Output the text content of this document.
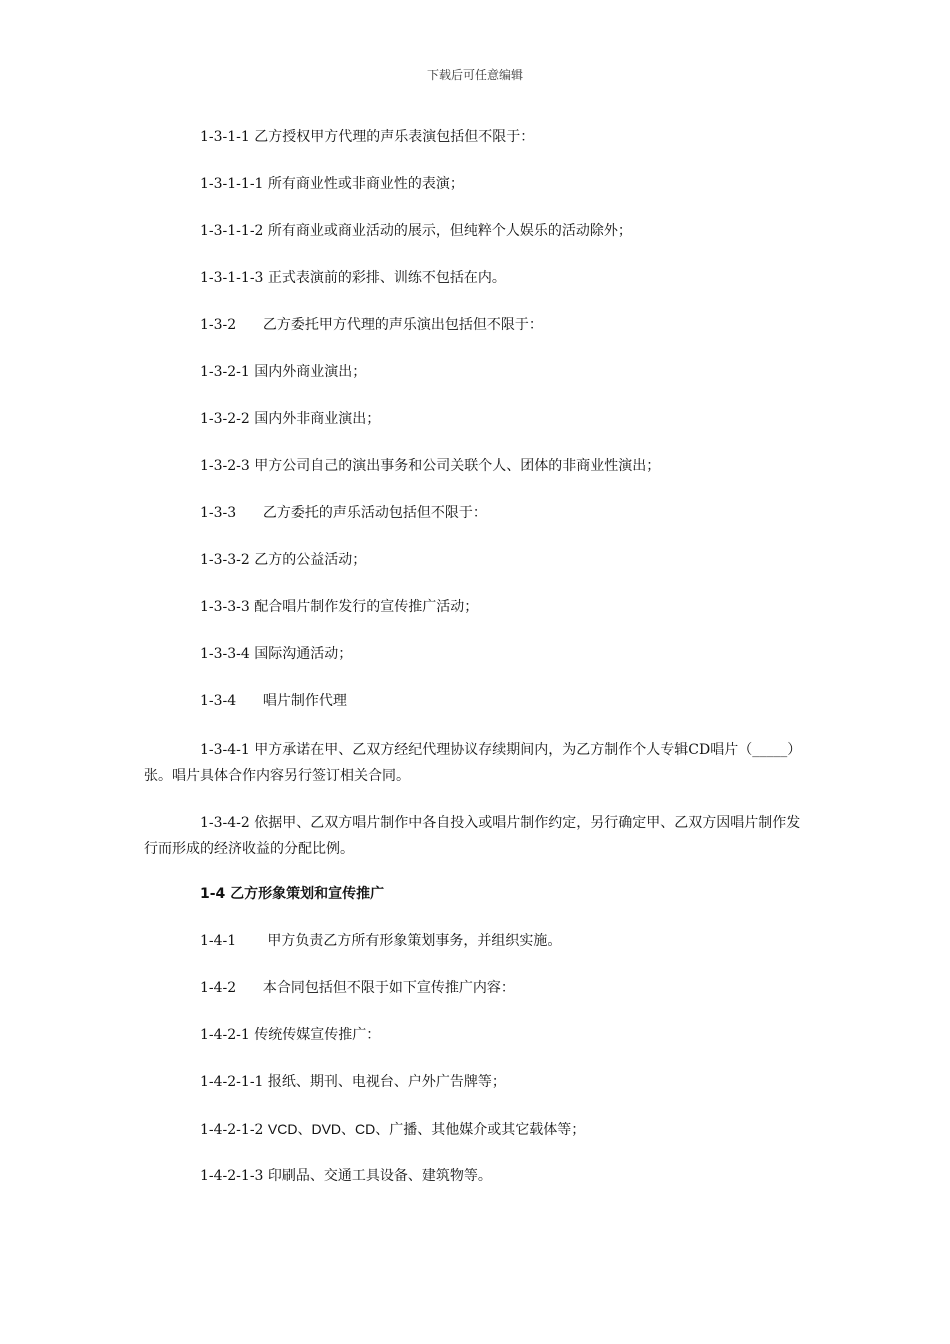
下载后可任意编辑

1-3-1-1 乙方授权甲方代理的声乐表演包括但不限于：

1-3-1-1-1 所有商业性或非商业性的表演；

1-3-1-1-2 所有商业或商业活动的展示，但纯粹个人娱乐的活动除外；

1-3-1-1-3 正式表演前的彩排、训练不包括在内。

1-3-2      乙方委托甲方代理的声乐演出包括但不限于：

1-3-2-1 国内外商业演出；

1-3-2-2 国内外非商业演出；

1-3-2-3 甲方公司自己的演出事务和公司关联个人、团体的非商业性演出；

1-3-3      乙方委托的声乐活动包括但不限于：

1-3-3-2 乙方的公益活动；

1-3-3-3 配合唱片制作发行的宣传推广活动；

1-3-3-4 国际沟通活动；

1-3-4      唱片制作代理

1-3-4-1 甲方承诺在甲、乙双方经纪代理协议存续期间内，为乙方制作个人专辑CD唱片（_____）张。唱片具体合作内容另行签订相关合同。

1-3-4-2 依据甲、乙双方唱片制作中各自投入或唱片制作约定，另行确定甲、乙双方因唱片制作发行而形成的经济收益的分配比例。

1-4 乙方形象策划和宣传推广

1-4-1       甲方负责乙方所有形象策划事务，并组织实施。

1-4-2      本合同包括但不限于如下宣传推广内容：

1-4-2-1 传统传媒宣传推广：

1-4-2-1-1 报纸、期刊、电视台、户外广告牌等；

1-4-2-1-2 VCD、DVD、CD、广播、其他媒介或其它载体等；

1-4-2-1-3 印刷品、交通工具设备、建筑物等。
